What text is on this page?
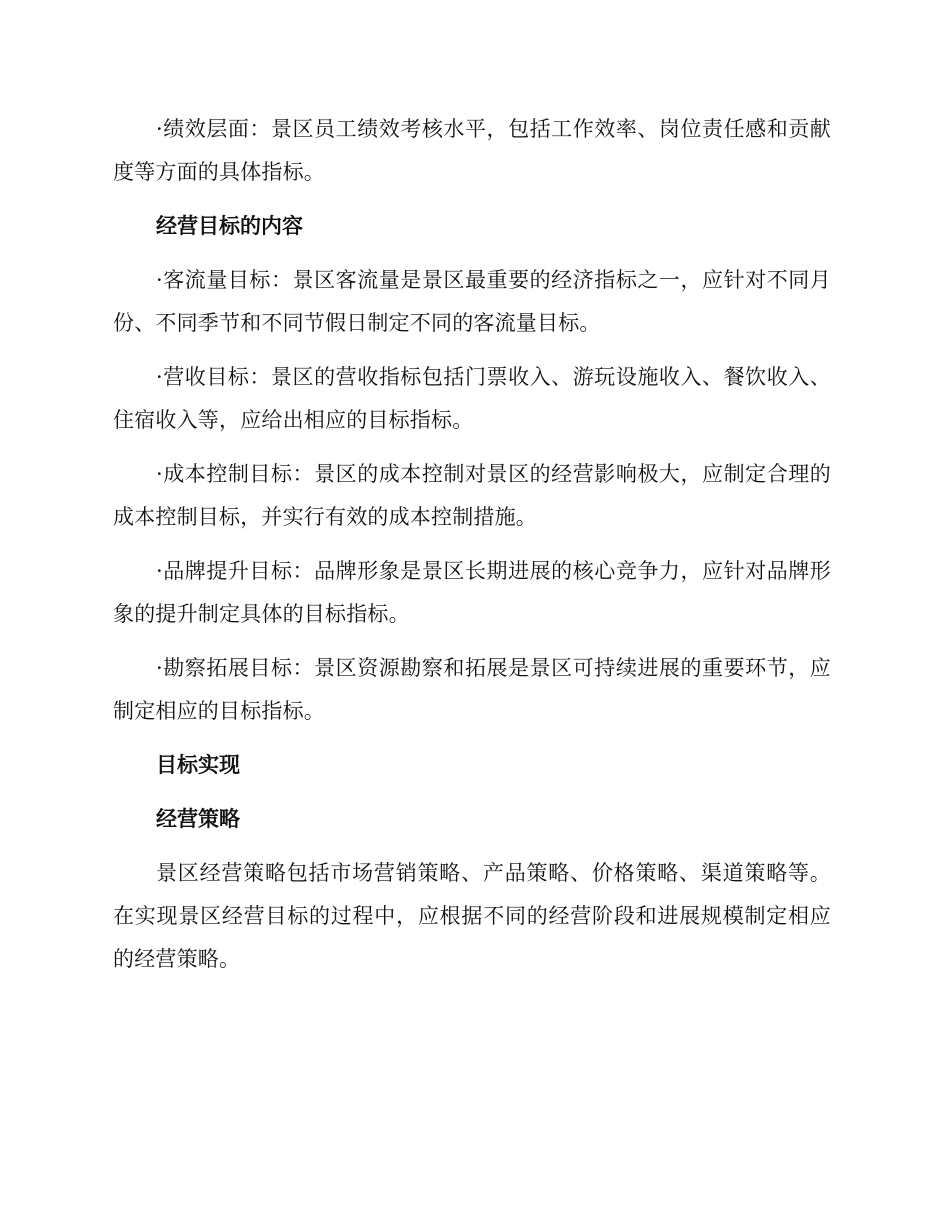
·绩效层面：景区员工绩效考核水平，包括工作效率、岗位责任感和贡献度等方面的具体指标。

经营目标的内容

·客流量目标：景区客流量是景区最重要的经济指标之一，应针对不同月份、不同季节和不同节假日制定不同的客流量目标。

·营收目标：景区的营收指标包括门票收入、游玩设施收入、餐饮收入、住宿收入等，应给出相应的目标指标。

·成本控制目标：景区的成本控制对景区的经营影响极大，应制定合理的成本控制目标，并实行有效的成本控制措施。

·品牌提升目标：品牌形象是景区长期进展的核心竞争力，应针对品牌形象的提升制定具体的目标指标。

·勘察拓展目标：景区资源勘察和拓展是景区可持续进展的重要环节，应制定相应的目标指标。

目标实现

经营策略

景区经营策略包括市场营销策略、产品策略、价格策略、渠道策略等。在实现景区经营目标的过程中，应根据不同的经营阶段和进展规模制定相应的经营策略。
